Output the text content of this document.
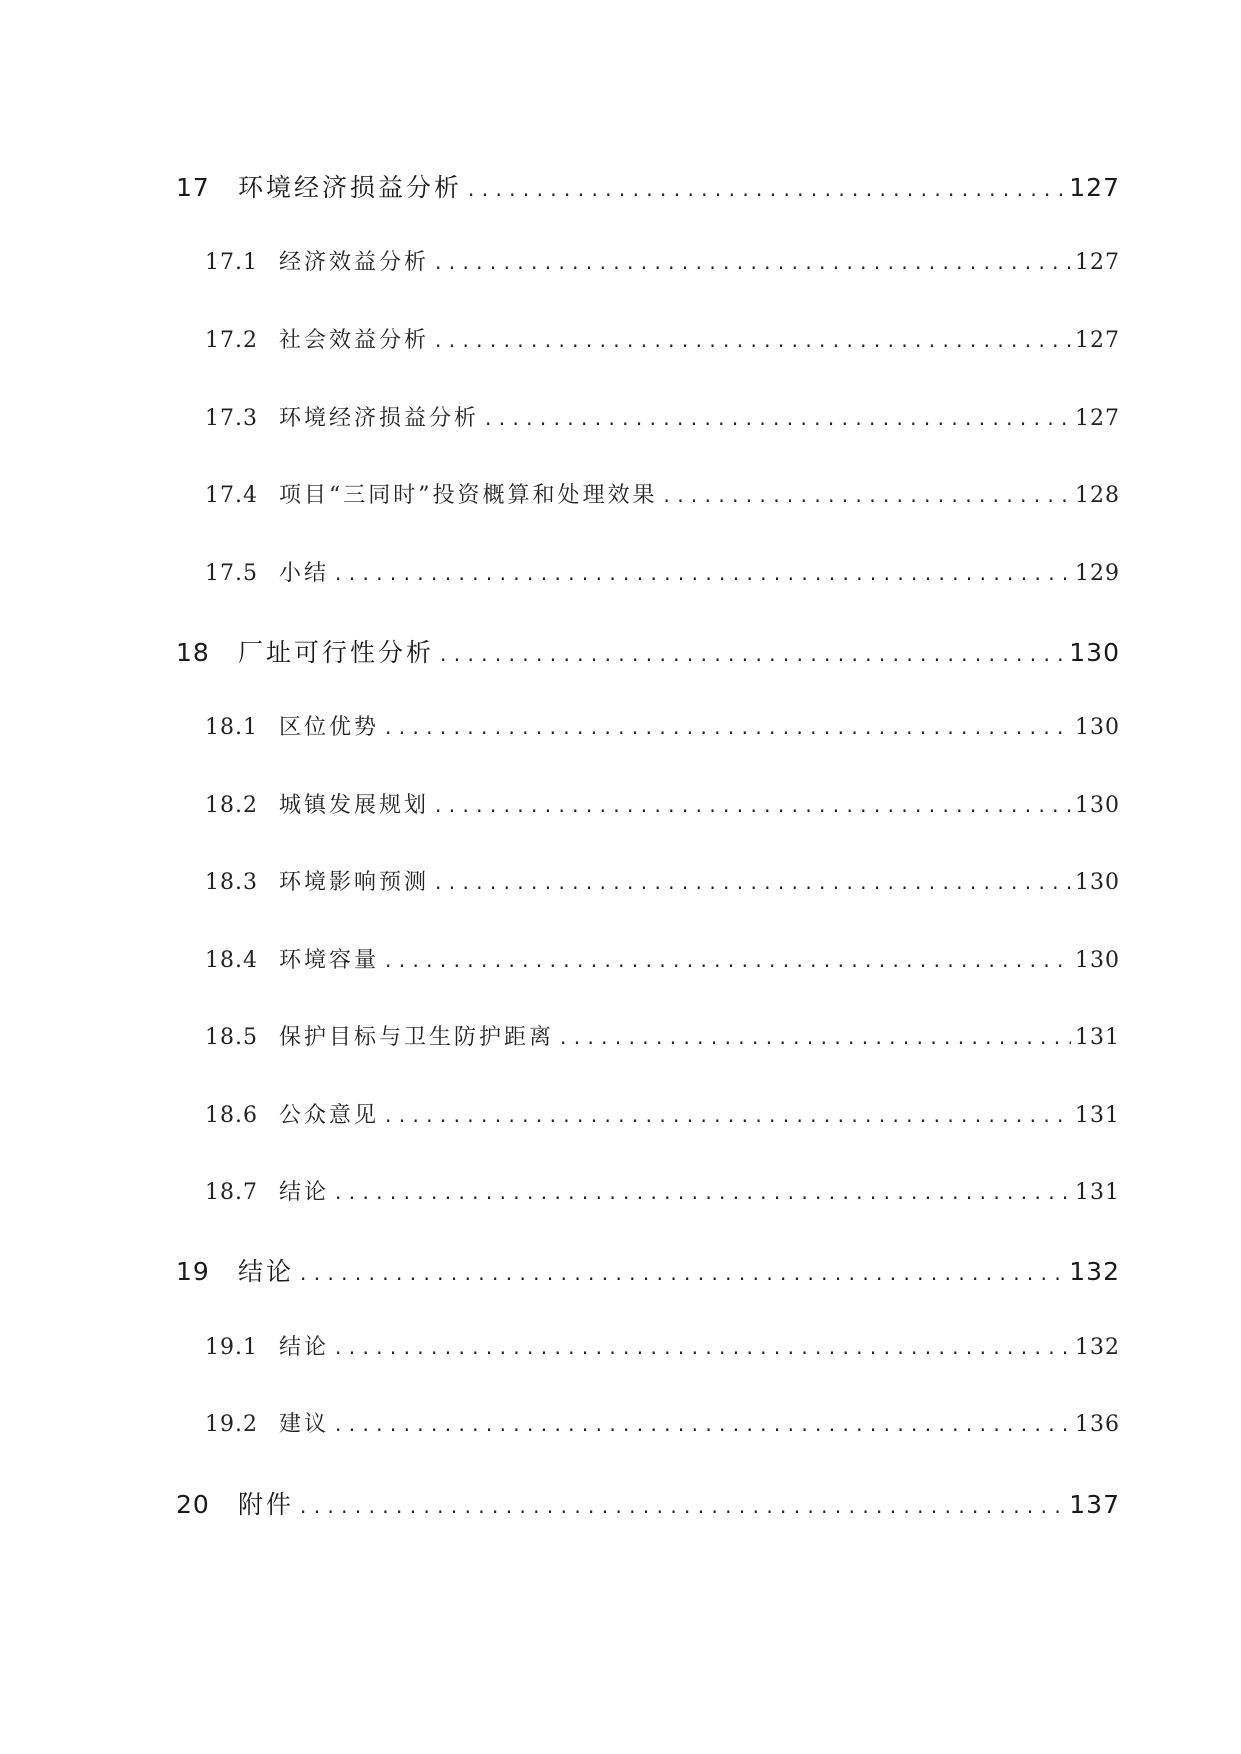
17	环境经济损益分析 . . .	127
17.1 经济效益分析 . . .	127
17.2 社会效益分析 . . .	127
17.3 环境经济损益分析 . . .	127
17.4 项目“三同时”投资概算和处理效果 . . .	128
17.5 小结 . . .	129
18	厂址可行性分析 . . .	130
18.1 区位优势 . . .	130
18.2 城镇发展规划 . . .	130
18.3 环境影响预测 . . .	130
18.4 环境容量 . . .	130
18.5 保护目标与卫生防护距离 . . .	131
18.6 公众意见 . . .	131
18.7 结论 . . .	131
19	结论 . . .	132
19.1 结论 . . .	132
19.2 建议 . . .	136
20	附件 . . .	137
